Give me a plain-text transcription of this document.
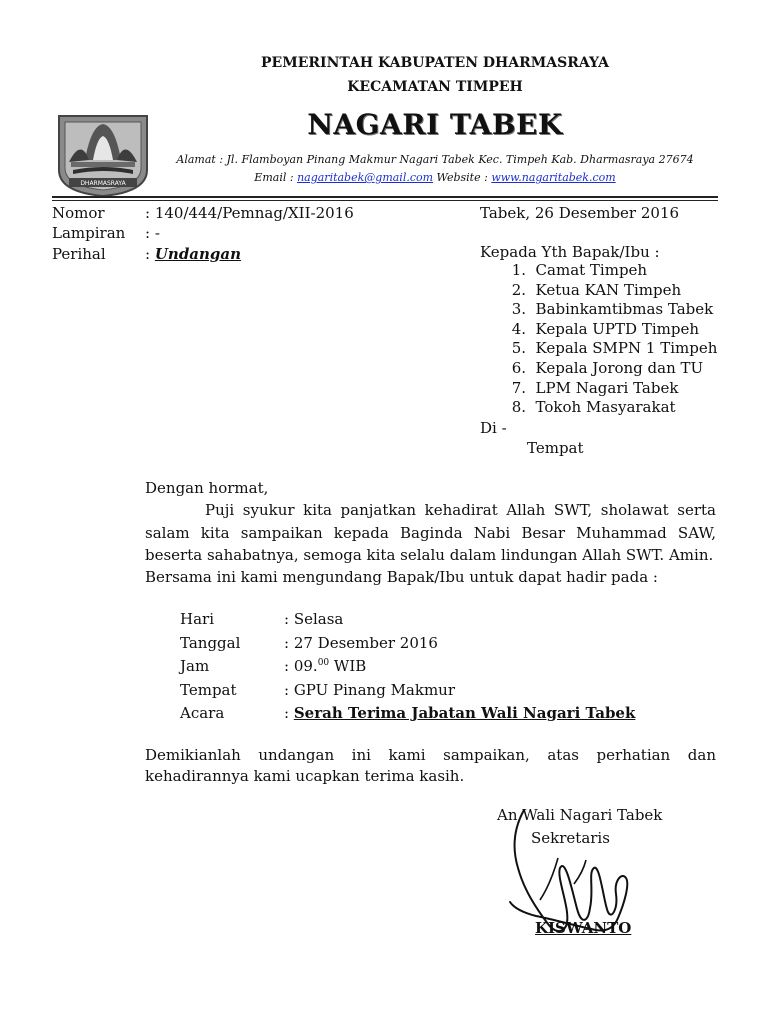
PEMERINTAH KABUPATEN DHARMASRAYA
KECAMATAN TIMPEH
NAGARI TABEK
Alamat : Jl. Flamboyan Pinang Makmur Nagari Tabek Kec. Timpeh Kab. Dharmasraya 27674
Email : nagaritabek@gmail.com Website : www.nagaritabek.com
DHARMASRAYA
Nomor	: 140/444/Pemnag/XII-2016
Lampiran : -
Perihal	: Undangan
Tabek, 26 Desember 2016
Kepada Yth Bapak/Ibu :
1. Camat Timpeh
2. Ketua KAN Timpeh
3. Babinkamtibmas Tabek
4. Kepala UPTD Timpeh
5. Kepala SMPN 1 Timpeh
6. Kepala Jorong dan TU
7. LPM Nagari Tabek
8. Tokoh Masyarakat
Di -
Tempat
Dengan hormat,
Puji syukur kita panjatkan kehadirat Allah SWT, sholawat serta salam kita sampaikan kepada Baginda Nabi Besar Muhammad SAW, beserta sahabatnya, semoga kita selalu dalam lindungan Allah SWT. Amin.
Bersama ini kami mengundang Bapak/Ibu untuk dapat hadir pada :
Hari	: Selasa
Tanggal	: 27 Desember 2016
Jam	: 09.00 WIB
Tempat	: GPU Pinang Makmur
Acara	: Serah Terima Jabatan Wali Nagari Tabek
Demikianlah undangan ini kami sampaikan, atas perhatian dan kehadirannya kami ucapkan terima kasih.
An Wali Nagari Tabek
Sekretaris
KISWANTO
